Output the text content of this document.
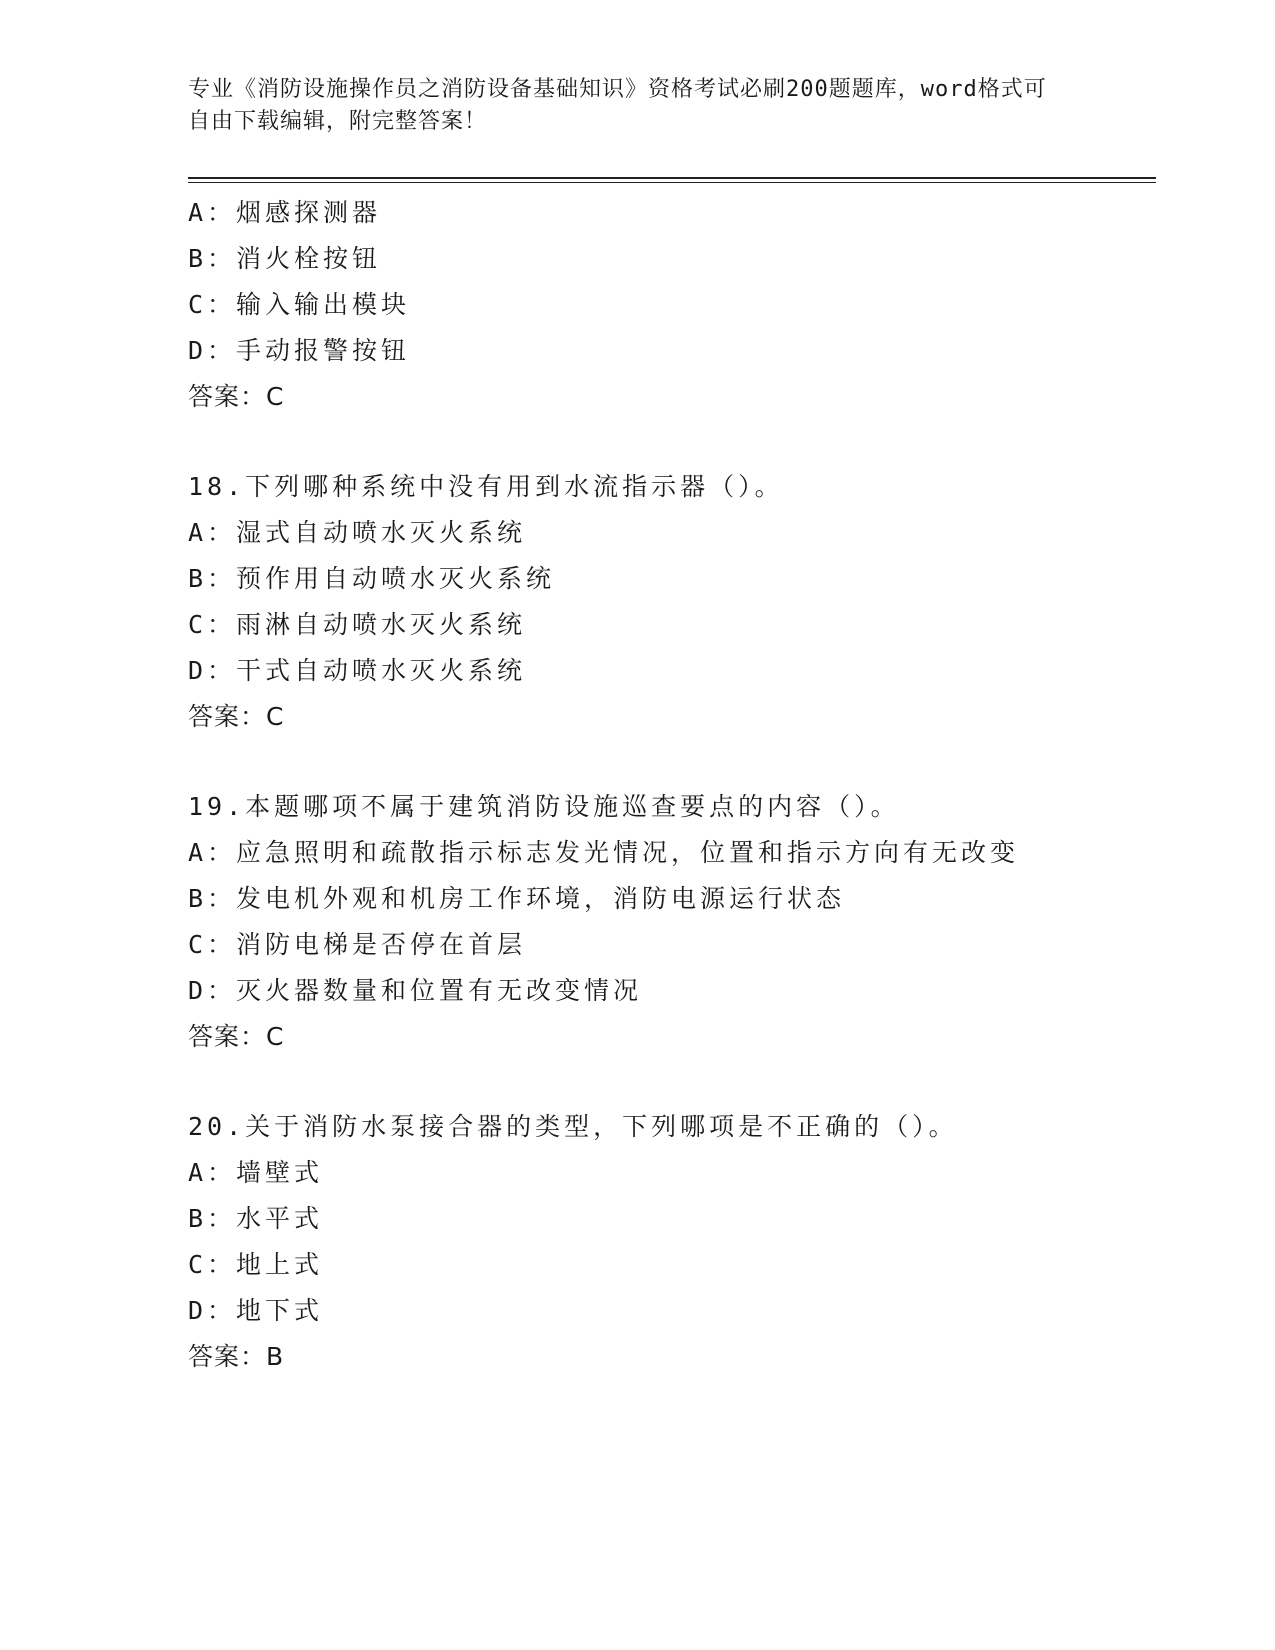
专业《消防设施操作员之消防设备基础知识》资格考试必刷200题题库，word格式可自由下载编辑，附完整答案！
A：烟感探测器
B：消火栓按钮
C：输入输出模块
D：手动报警按钮
答案：C
18.下列哪种系统中没有用到水流指示器（）。
A：湿式自动喷水灭火系统
B：预作用自动喷水灭火系统
C：雨淋自动喷水灭火系统
D：干式自动喷水灭火系统
答案：C
19.本题哪项不属于建筑消防设施巡查要点的内容（）。
A：应急照明和疏散指示标志发光情况，位置和指示方向有无改变
B：发电机外观和机房工作环境，消防电源运行状态
C：消防电梯是否停在首层
D：灭火器数量和位置有无改变情况
答案：C
20.关于消防水泵接合器的类型，下列哪项是不正确的（）。
A：墙壁式
B：水平式
C：地上式
D：地下式
答案：B
